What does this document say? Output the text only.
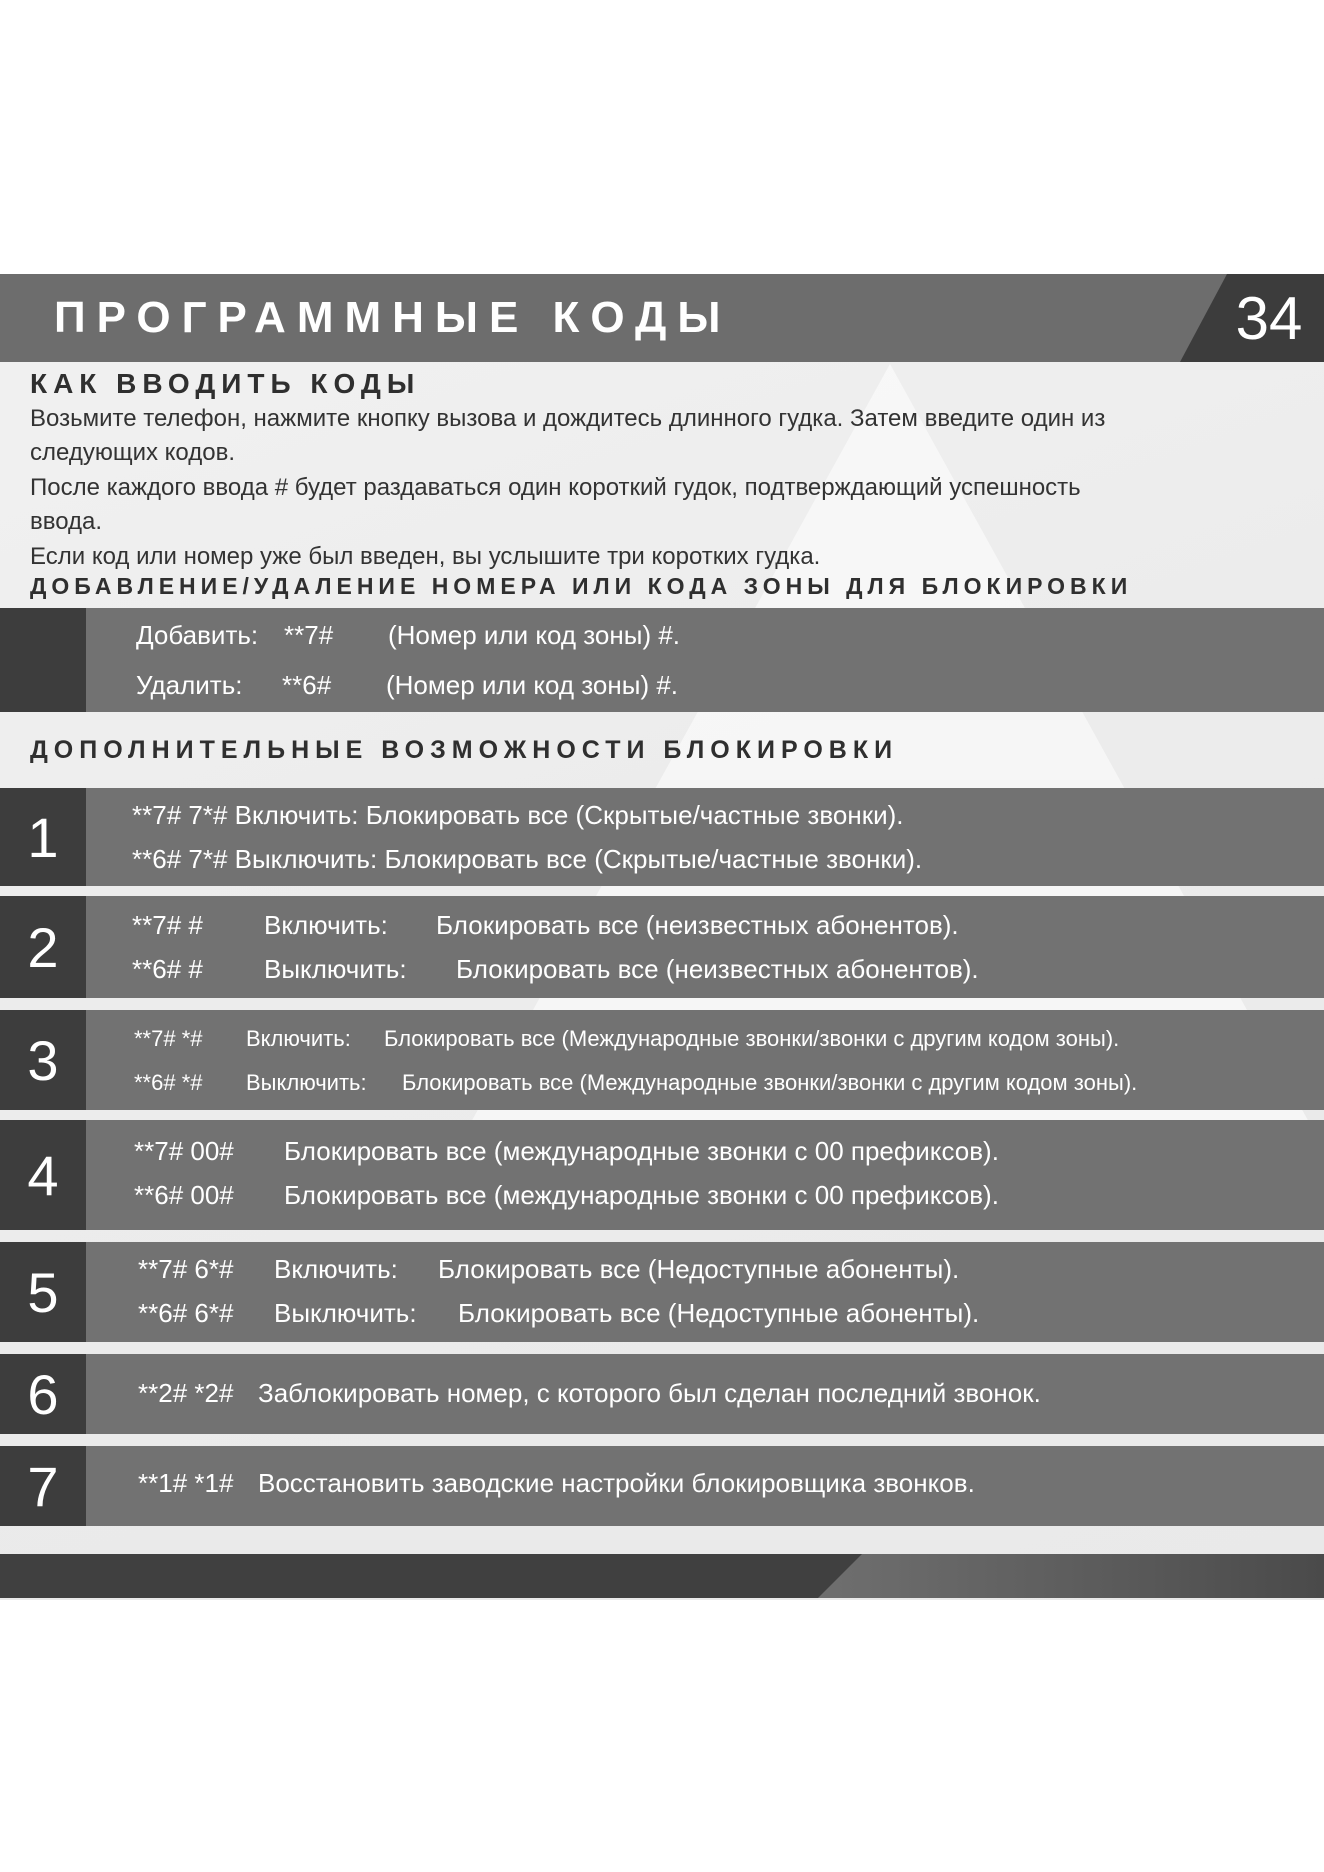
ПРОГРАММНЫЕ КОДЫ	34
КАК ВВОДИТЬ КОДЫ
Возьмите телефон, нажмите кнопку вызова и дождитесь длинного гудка. Затем введите один из
следующих кодов.
После каждого ввода # будет раздаваться один короткий гудок, подтверждающий успешность
ввода.
Если код или номер уже был введен, вы услышите три коротких гудка.
ДОБАВЛЕНИЕ/УДАЛЕНИЕ НОМЕРА ИЛИ КОДА ЗОНЫ ДЛЯ БЛОКИРОВКИ
Добавить: **7# (Номер или код зоны) #.
Удалить: **6# (Номер или код зоны) #.
ДОПОЛНИТЕЛЬНЫЕ ВОЗМОЖНОСТИ БЛОКИРОВКИ
1	**7# 7*# Включить: Блокировать все (Скрытые/частные звонки).
**6# 7*# Выключить: Блокировать все (Скрытые/частные звонки).
2	**7# # Включить: Блокировать все (неизвестных абонентов).
**6# # Выключить: Блокировать все (неизвестных абонентов).
3	**7# *# Включить: Блокировать все (Международные звонки/звонки с другим кодом зоны).
**6# *# Выключить: Блокировать все (Международные звонки/звонки с другим кодом зоны).
4	**7# 00# Блокировать все (международные звонки с 00 префиксов).
**6# 00# Блокировать все (международные звонки с 00 префиксов).
5	**7# 6*# Включить: Блокировать все (Недоступные абоненты).
**6# 6*# Выключить: Блокировать все (Недоступные абоненты).
6	**2# *2# Заблокировать номер, с которого был сделан последний звонок.
7	**1# *1# Восстановить заводские настройки блокировщика звонков.
